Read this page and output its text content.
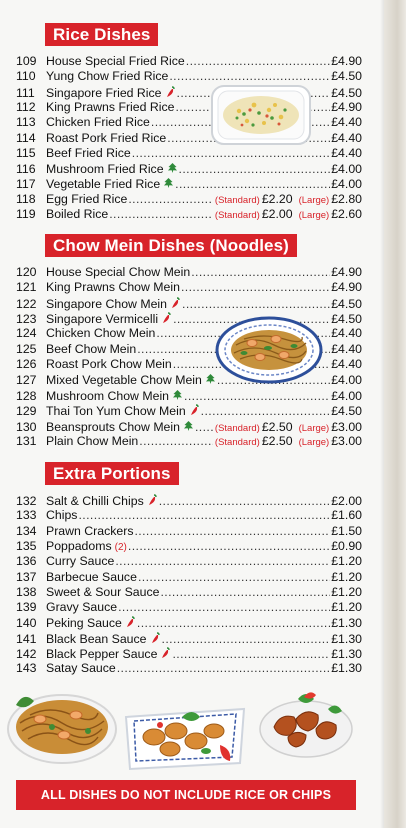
Rice Dishes
Chow Mein Dishes (Noodles)
Extra Portions
109 House Special Fried Rice .....	£4.90
110 Yung Chow Fried Rice .....	£4.50
111 Singapore Fried Rice .....	£4.50
112 King Prawns Fried Rice .....	£4.90
113 Chicken Fried Rice .....	£4.40
114 Roast Pork Fried Rice .....	£4.40
115 Beef Fried Rice .....	£4.40
116 Mushroom Fried Rice .....	£4.00
117 Vegetable Fried Rice .....	£4.00
118 Egg Fried Rice .....	(Standard) £2.20 (Large) £2.80
119 Boiled Rice .....	(Standard) £2.00 (Large) £2.60
120 House Special Chow Mein .....	£4.90
121 King Prawns Chow Mein .....	£4.90
122 Singapore Chow Mein .....	£4.50
123 Singapore Vermicelli .....	£4.50
124 Chicken Chow Mein .....	£4.40
125 Beef Chow Mein .....	£4.40
126 Roast Pork Chow Mein .....	£4.40
127 Mixed Vegetable Chow Mein .....	£4.00
128 Mushroom Chow Mein .....	£4.00
129 Thai Ton Yum Chow Mein .....	£4.50
130 Beansprouts Chow Mein .....	(Standard) £2.50 (Large) £3.00
131 Plain Chow Mein .....	(Standard) £2.50 (Large) £3.00
132 Salt & Chilli Chips .....	£2.00
133 Chips .....	£1.60
134 Prawn Crackers .....	£1.50
135 Poppadoms (2) .....	£0.90
136 Curry Sauce .....	£1.20
137 Barbecue Sauce .....	£1.20
138 Sweet & Sour Sauce .....	£1.20
139 Gravy Sauce .....	£1.20
140 Peking Sauce .....	£1.30
141 Black Bean Sauce .....	£1.30
142 Black Pepper Sauce .....	£1.30
143 Satay Sauce .....	£1.30
ALL DISHES DO NOT INCLUDE RICE OR CHIPS
